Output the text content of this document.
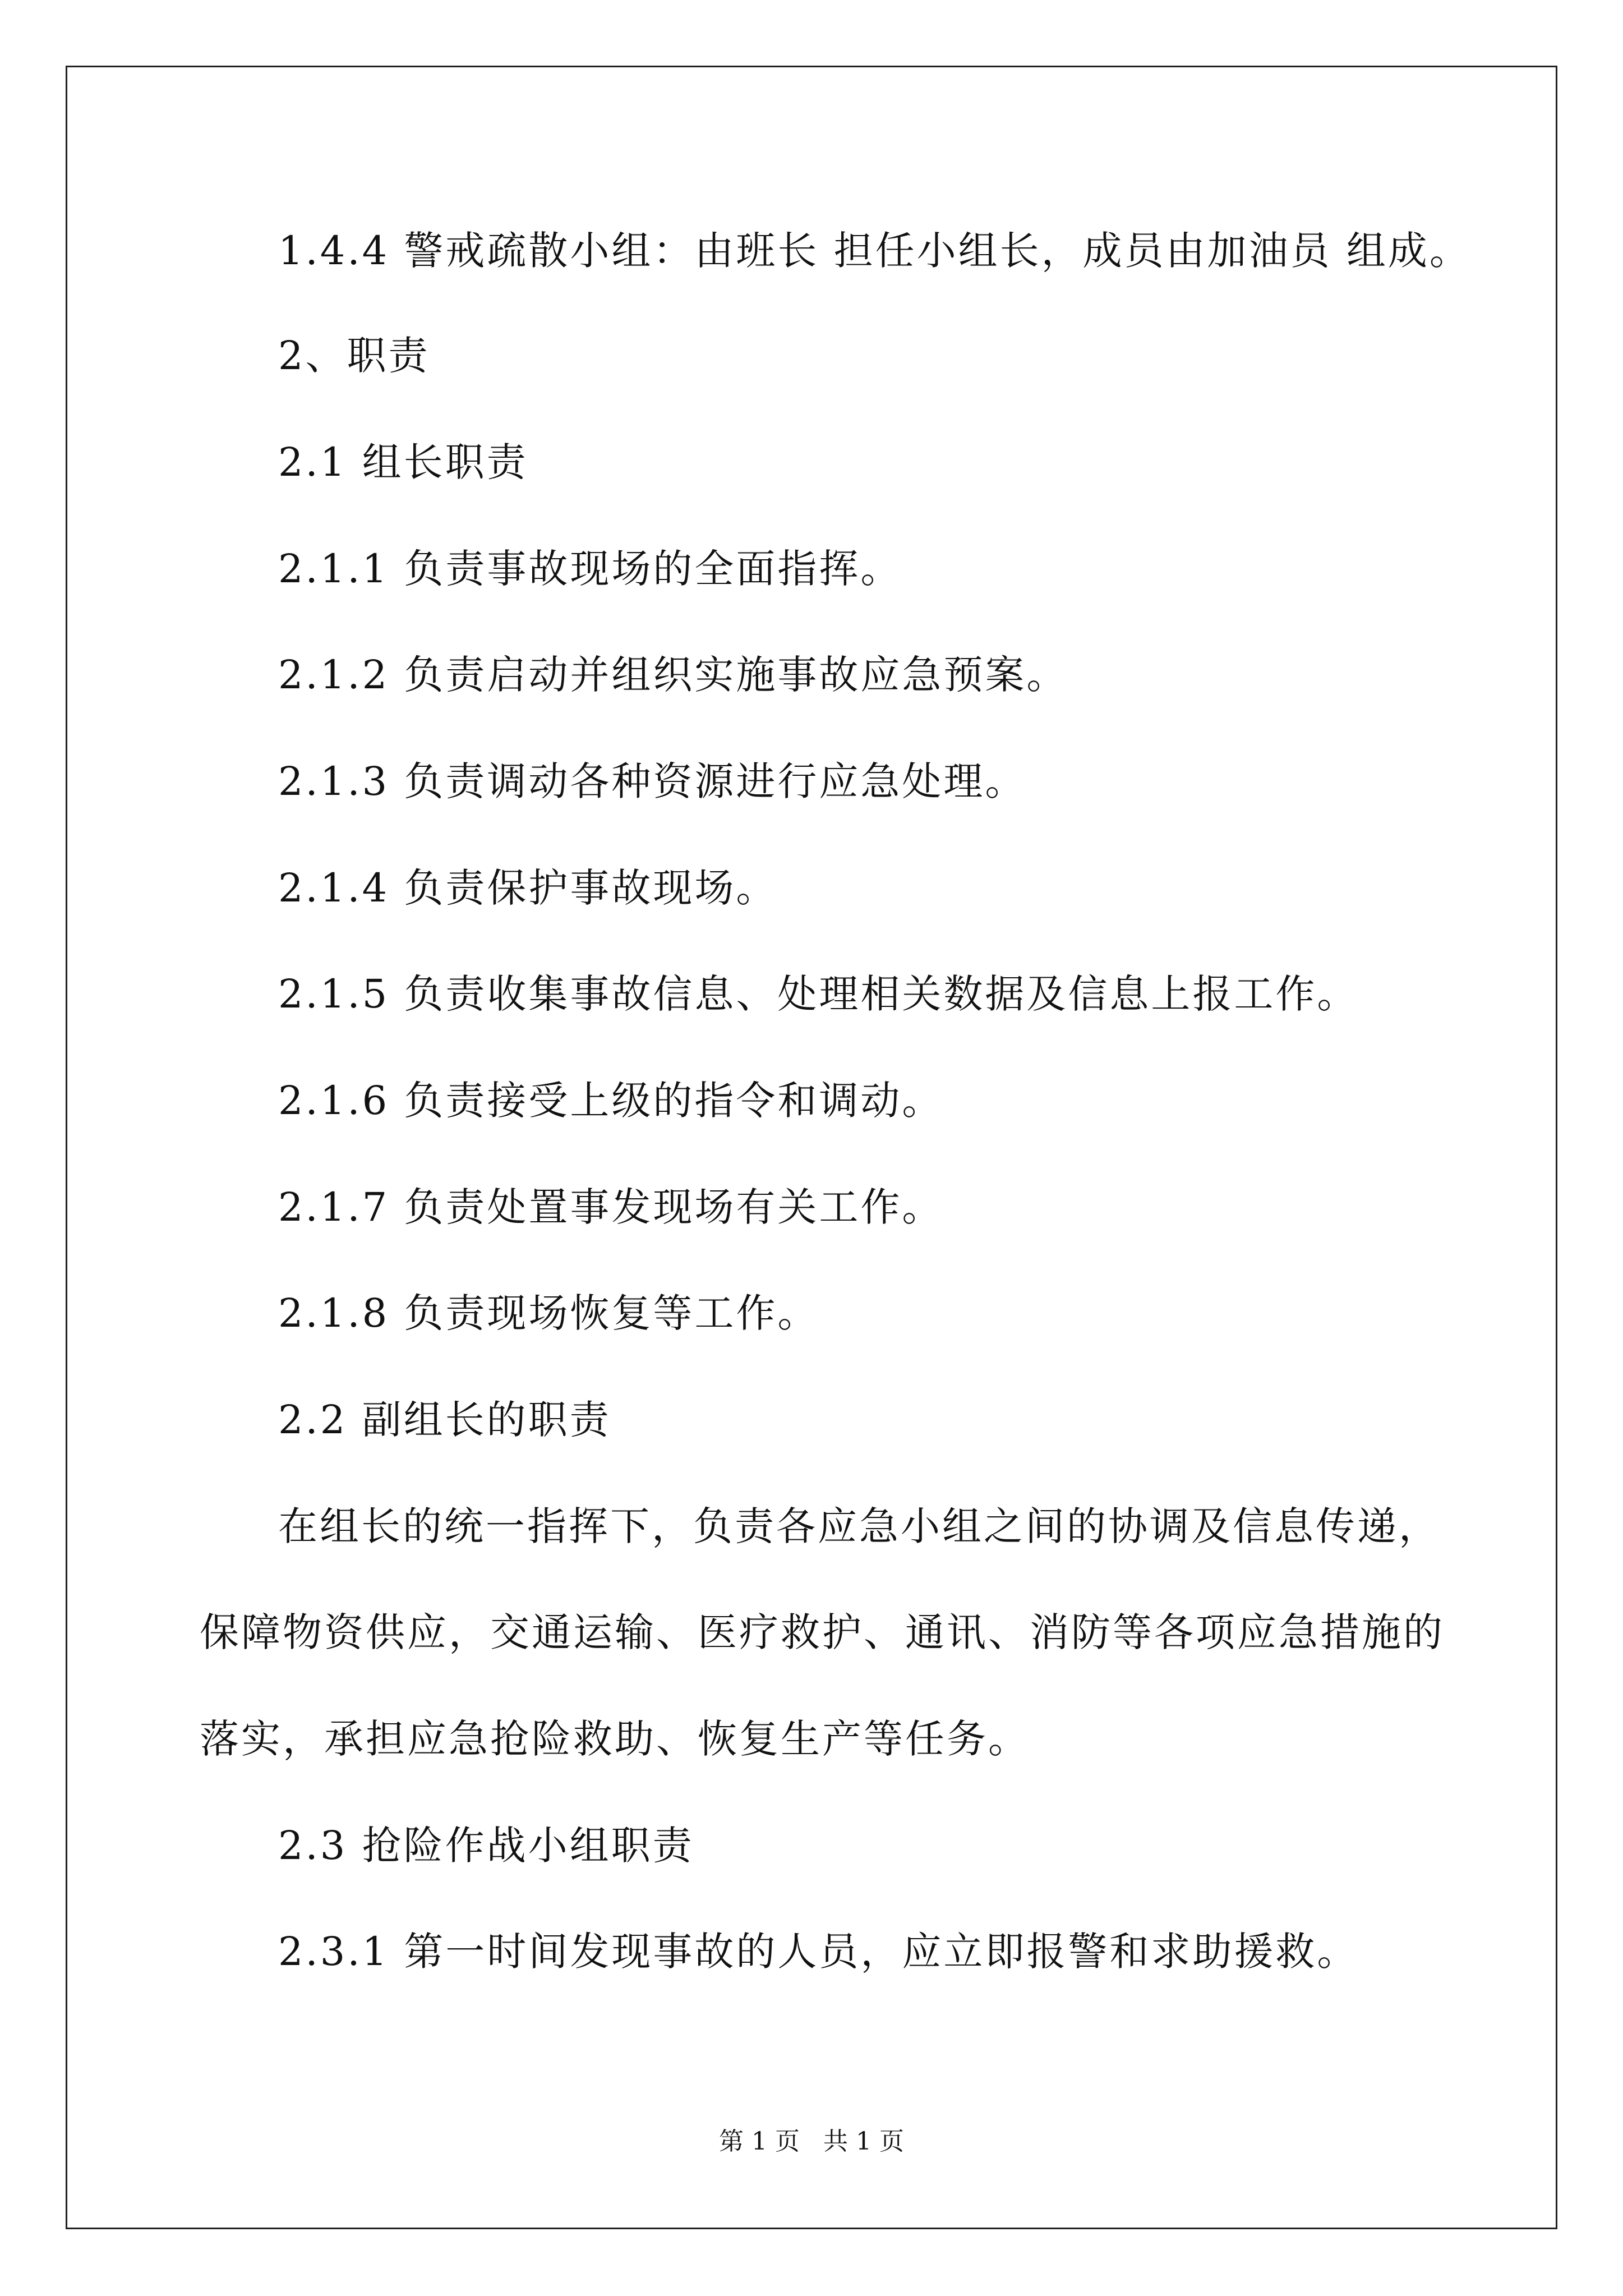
1.4.4 警戒疏散小组：由班长 担任小组长，成员由加油员 组成。

2、职责

2.1 组长职责

2.1.1 负责事故现场的全面指挥。

2.1.2 负责启动并组织实施事故应急预案。

2.1.3 负责调动各种资源进行应急处理。

2.1.4 负责保护事故现场。

2.1.5 负责收集事故信息、处理相关数据及信息上报工作。

2.1.6 负责接受上级的指令和调动。

2.1.7 负责处置事发现场有关工作。

2.1.8 负责现场恢复等工作。

2.2 副组长的职责

在组长的统一指挥下，负责各应急小组之间的协调及信息传递，

保障物资供应，交通运输、医疗救护、通讯、消防等各项应急措施的

落实，承担应急抢险救助、恢复生产等任务。

2.3 抢险作战小组职责

2.3.1 第一时间发现事故的人员，应立即报警和求助援救。

第 1 页   共 1 页
